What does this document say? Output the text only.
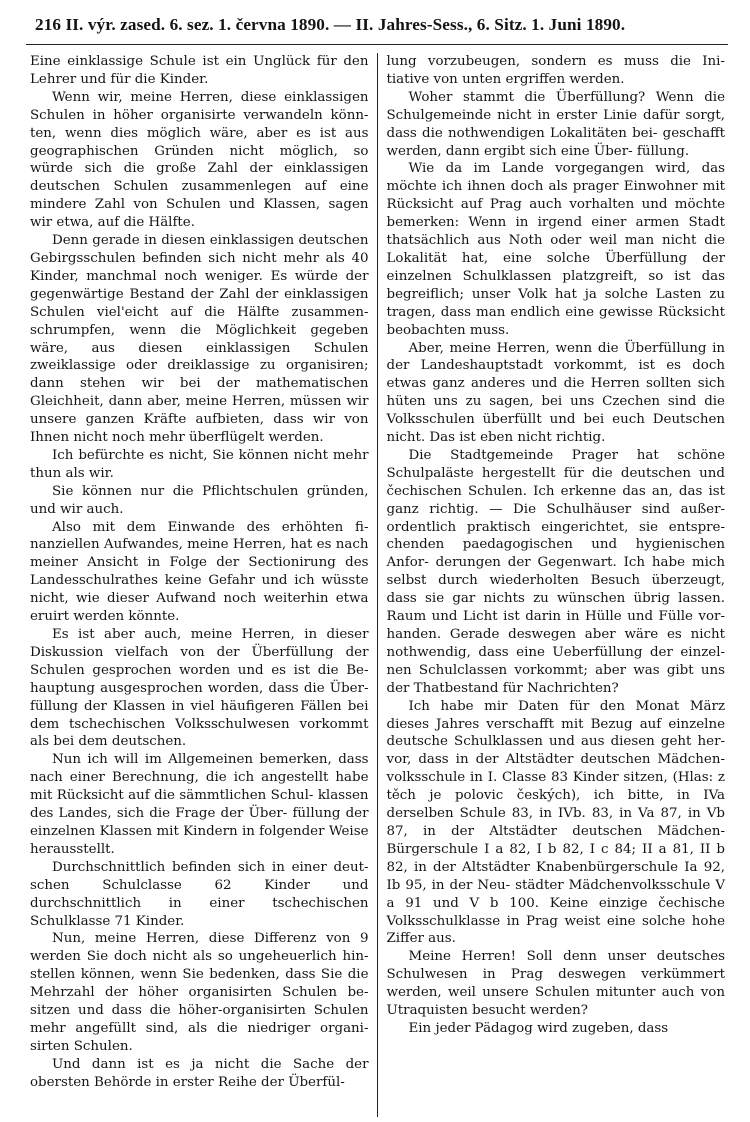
216 II. výr. zased. 6. sez. 1. června 1890. — II. Jahres-Sess., 6. Sitz. 1. Juni 1890.

Eine einklassige Schule ist ein Unglück für den Lehrer und für die Kinder.

Wenn wir, meine Herren, diese einklassigen Schulen in höher organisirte verwandeln könn- ten, wenn dies möglich wäre, aber es ist aus geographischen Gründen nicht möglich, so würde sich die große Zahl der einklassigen deutschen Schulen zusammenlegen auf eine mindere Zahl von Schulen und Klassen, sagen wir etwa, auf die Hälfte.

Denn gerade in diesen einklassigen deutschen Gebirgsschulen befinden sich nicht mehr als 40 Kinder, manchmal noch weniger. Es würde der gegenwärtige Bestand der Zahl der einklassigen Schulen viel'eicht auf die Hälfte zusammen- schrumpfen, wenn die Möglichkeit gegeben wäre, aus diesen einklassigen Schulen zweiklassige oder dreiklassige zu organisiren; dann stehen wir bei der mathematischen Gleichheit, dann aber, meine Herren, müssen wir unsere ganzen Kräfte aufbieten, dass wir von Ihnen nicht noch mehr überflügelt werden.

Ich befürchte es nicht, Sie können nicht mehr thun als wir.

Sie können nur die Pflichtschulen gründen, und wir auch.

Also mit dem Einwande des erhöhten fi- nanziellen Aufwandes, meine Herren, hat es nach meiner Ansicht in Folge der Sectionirung des Landesschulrathes keine Gefahr und ich wüsste nicht, wie dieser Aufwand noch weiterhin etwa eruirt werden könnte.

Es ist aber auch, meine Herren, in dieser Diskussion vielfach von der Überfüllung der Schulen gesprochen worden und es ist die Be- hauptung ausgesprochen worden, dass die Über- füllung der Klassen in viel häufigeren Fällen bei dem tschechischen Volksschulwesen vorkommt als bei dem deutschen.

Nun ich will im Allgemeinen bemerken, dass nach einer Berechnung, die ich angestellt habe mit Rücksicht auf die sämmtlichen Schul- klassen des Landes, sich die Frage der Über- füllung der einzelnen Klassen mit Kindern in folgender Weise herausstellt.

Durchschnittlich befinden sich in einer deut- schen Schulclasse 62 Kinder und durchschnittlich in einer tschechischen Schulklasse 71 Kinder.

Nun, meine Herren, diese Differenz von 9 werden Sie doch nicht als so ungeheuerlich hin- stellen können, wenn Sie bedenken, dass Sie die Mehrzahl der höher organisirten Schulen be- sitzen und dass die höher-organisirten Schulen mehr angefüllt sind, als die niedriger organi- sirten Schulen.

Und dann ist es ja nicht die Sache der obersten Behörde in erster Reihe der Überfül-

lung vorzubeugen, sondern es muss die Ini- tiative von unten ergriffen werden.

Woher stammt die Überfüllung? Wenn die Schulgemeinde nicht in erster Linie dafür sorgt, dass die nothwendigen Lokalitäten bei- geschafft werden, dann ergibt sich eine Über- füllung.

Wie da im Lande vorgegangen wird, das möchte ich ihnen doch als prager Einwohner mit Rücksicht auf Prag auch vorhalten und möchte bemerken: Wenn in irgend einer armen Stadt thatsächlich aus Noth oder weil man nicht die Lokalität hat, eine solche Überfüllung der einzelnen Schulklassen platzgreift, so ist das begreiflich; unser Volk hat ja solche Lasten zu tragen, dass man endlich eine gewisse Rücksicht beobachten muss.

Aber, meine Herren, wenn die Überfüllung in der Landeshauptstadt vorkommt, ist es doch etwas ganz anderes und die Herren sollten sich hüten uns zu sagen, bei uns Czechen sind die Volksschulen überfüllt und bei euch Deutschen nicht. Das ist eben nicht richtig.

Die Stadtgemeinde Prager hat schöne Schulpaläste hergestellt für die deutschen und čechischen Schulen. Ich erkenne das an, das ist ganz richtig. — Die Schulhäuser sind außer- ordentlich praktisch eingerichtet, sie entspre- chenden paedagogischen und hygienischen Anfor- derungen der Gegenwart. Ich habe mich selbst durch wiederholten Besuch überzeugt, dass sie gar nichts zu wünschen übrig lassen. Raum und Licht ist darin in Hülle und Fülle vor- handen. Gerade deswegen aber wäre es nicht nothwendig, dass eine Ueberfüllung der einzel- nen Schulclassen vorkommt; aber was gibt uns der Thatbestand für Nachrichten?

Ich habe mir Daten für den Monat März dieses Jahres verschafft mit Bezug auf einzelne deutsche Schulklassen und aus diesen geht her- vor, dass in der Altstädter deutschen Mädchen- volksschule in I. Classe 83 Kinder sitzen, (Hlas: z těch je polovic českých), ich bitte, in IVa derselben Schule 83, in IVb. 83, in Va 87, in Vb 87, in der Altstädter deutschen Mädchen-Bürgerschule I a 82, I b 82, I c 84; II a 81, II b 82, in der Altstädter Knabenbürgerschule Ia 92, Ib 95, in der Neu- städter Mädchenvolksschule V a 91 und V b 100. Keine einzige čechische Volksschulklasse in Prag weist eine solche hohe Ziffer aus.

Meine Herren! Soll denn unser deutsches Schulwesen in Prag deswegen verkümmert werden, weil unsere Schulen mitunter auch von Utraquisten besucht werden?

Ein jeder Pädagog wird zugeben, dass
